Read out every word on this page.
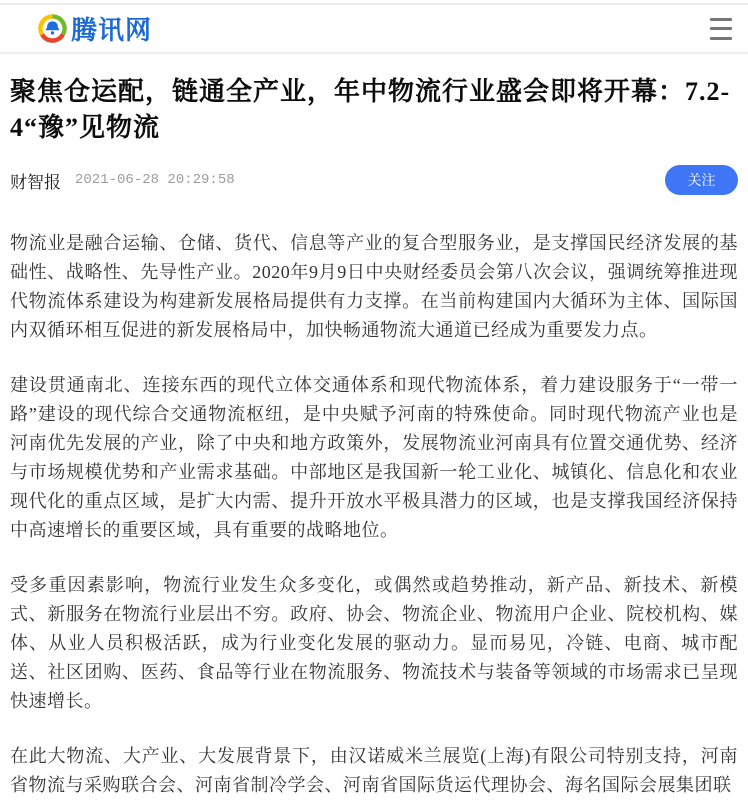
腾讯网
聚焦仓运配，链通全产业，年中物流行业盛会即将开幕：7.2-4“豫”见物流
财智报 2021-06-28 20:29:58	关注

物流业是融合运输、仓储、货代、信息等产业的复合型服务业，是支撑国民经济发展的基础性、战略性、先导性产业。2020年9月9日中央财经委员会第八次会议，强调统筹推进现代物流体系建设为构建新发展格局提供有力支撑。在当前构建国内大循环为主体、国际国内双循环相互促进的新发展格局中，加快畅通物流大通道已经成为重要发力点。

建设贯通南北、连接东西的现代立体交通体系和现代物流体系，着力建设服务于“一带一路”建设的现代综合交通物流枢纽，是中央赋予河南的特殊使命。同时现代物流产业也是河南优先发展的产业，除了中央和地方政策外，发展物流业河南具有位置交通优势、经济与市场规模优势和产业需求基础。中部地区是我国新一轮工业化、城镇化、信息化和农业现代化的重点区域，是扩大内需、提升开放水平极具潜力的区域，也是支撑我国经济保持中高速增长的重要区域，具有重要的战略地位。

受多重因素影响，物流行业发生众多变化，或偶然或趋势推动，新产品、新技术、新模式、新服务在物流行业层出不穷。政府、协会、物流企业、物流用户企业、院校机构、媒体、从业人员积极活跃，成为行业变化发展的驱动力。显而易见，冷链、电商、城市配送、社区团购、医药、食品等行业在物流服务、物流技术与装备等领域的市场需求已呈现快速增长。

在此大物流、大产业、大发展背景下，由汉诺威米兰展览(上海)有限公司特别支持，河南省物流与采购联合会、河南省制冷学会、河南省国际货运代理协会、海名国际会展集团联
